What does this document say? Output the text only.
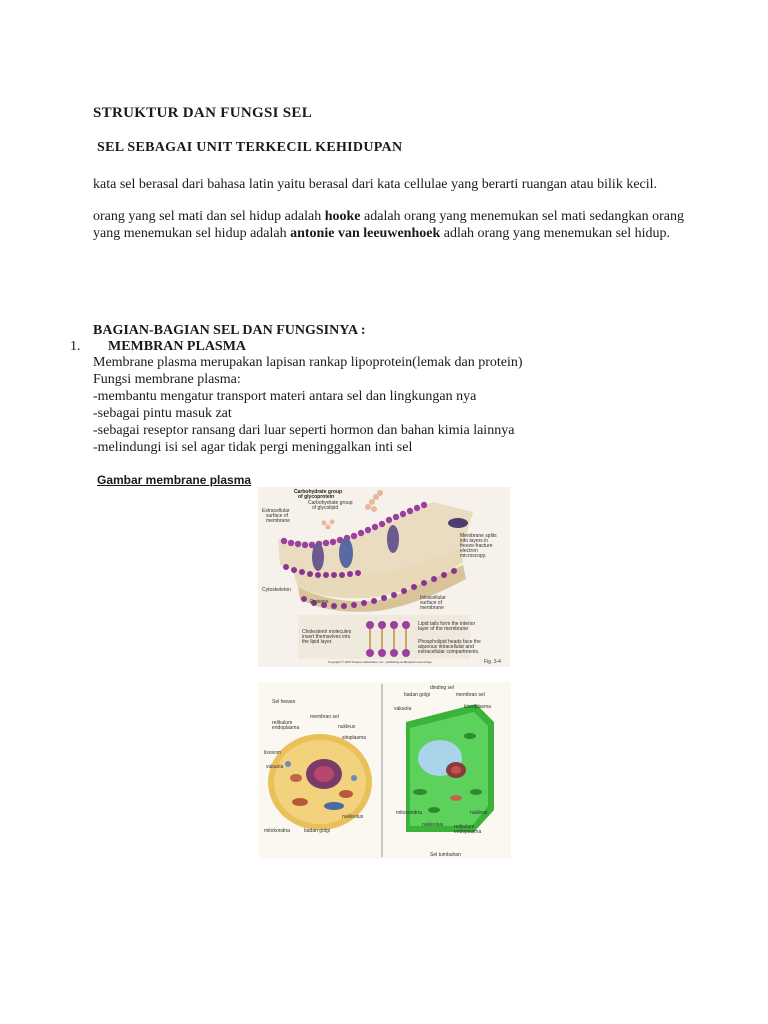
STRUKTUR DAN FUNGSI SEL
SEL SEBAGAI UNIT TERKECIL KEHIDUPAN
kata sel berasal dari bahasa latin yaitu berasal dari kata cellulae yang berarti ruangan atau bilik kecil.
orang yang sel mati dan sel hidup adalah hooke adalah orang yang menemukan sel mati sedangkan orang yang menemukan sel hidup adalah antonie van leeuwenhoek adlah orang yang menemukan sel hidup.
BAGIAN-BAGIAN SEL DAN FUNGSINYA :
1. MEMBRAN PLASMA
Membrane plasma merupakan lapisan rankap lipoprotein(lemak dan protein)
Fungsi membrane plasma:
-membantu mengatur transport materi antara sel dan lingkungan nya
-sebagai pintu masuk zat
-sebagai reseptor ransang dari luar seperti hormon dan bahan kimia lainnya
-melindungi isi sel agar tidak pergi meninggalkan inti sel
Gambar membrane plasma
Carbohydrate group
of glycoprotein
Carbohydrate group
of glycolipid
Extracellular
surface of
membrane
Membrane splits
into layers in
freeze-fracture
electron
microscopy.
Cytoskeleton
Proteins
Intracellular
surface of
membrane
Cholesterol molecules
insert themselves into
the lipid layer.
Lipid tails form the interior
layer of the membrane
Phospholipid heads face the
aqueous intracellular and
extracellular compartments.
Copyright © 2007 Pearson Education, Inc., publishing as Benjamin Cummings	Fig. 3-4
Sel hewan
membran sel
retikulum
endoplasma	nukleus
sitoplasma
lisosom
vakuola
nukleolus
mitokondria	badan golgi
dinding sel
badan golgi	membran sel
vakuola	kloroplasma
mitokondria	nukleus
nukleolus retikulum
endoplasma
Sel tumbuhan
